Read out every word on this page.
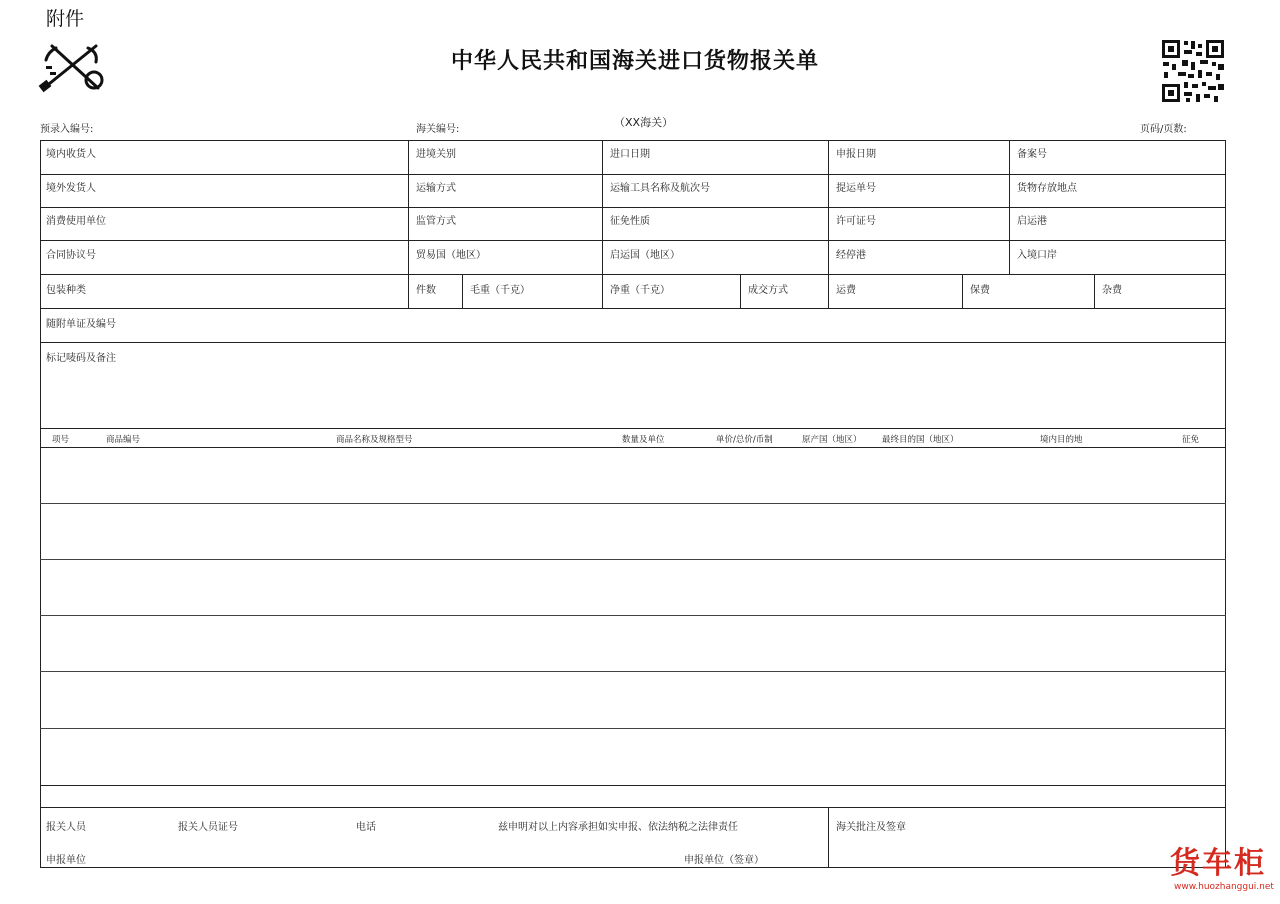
附件
中华人民共和国海关进口货物报关单
预录入编号:	海关编号:
（XX海关）
页码/页数:
境内收货人	进境关别	进口日期	申报日期	备案号
境外发货人	运输方式	运输工具名称及航次号	提运单号	货物存放地点
消费使用单位	监管方式	征免性质	许可证号	启运港
合同协议号	贸易国（地区）	启运国（地区）	经停港	入境口岸
包装种类	件数	毛重（千克）	净重（千克）	成交方式	运费	保费	杂费
随附单证及编号
标记唛码及备注
项号	商品编号	商品名称及规格型号	数量及单位	单价/总价/币制	原产国（地区） 最终目的国（地区）	境内目的地	征免
报关人员	报关人员证号	电话	兹申明对以上内容承担如实申报、依法纳税之法律责任	海关批注及签章
申报单位	申报单位（签章）	货车柜
www.huozhanggui.net
